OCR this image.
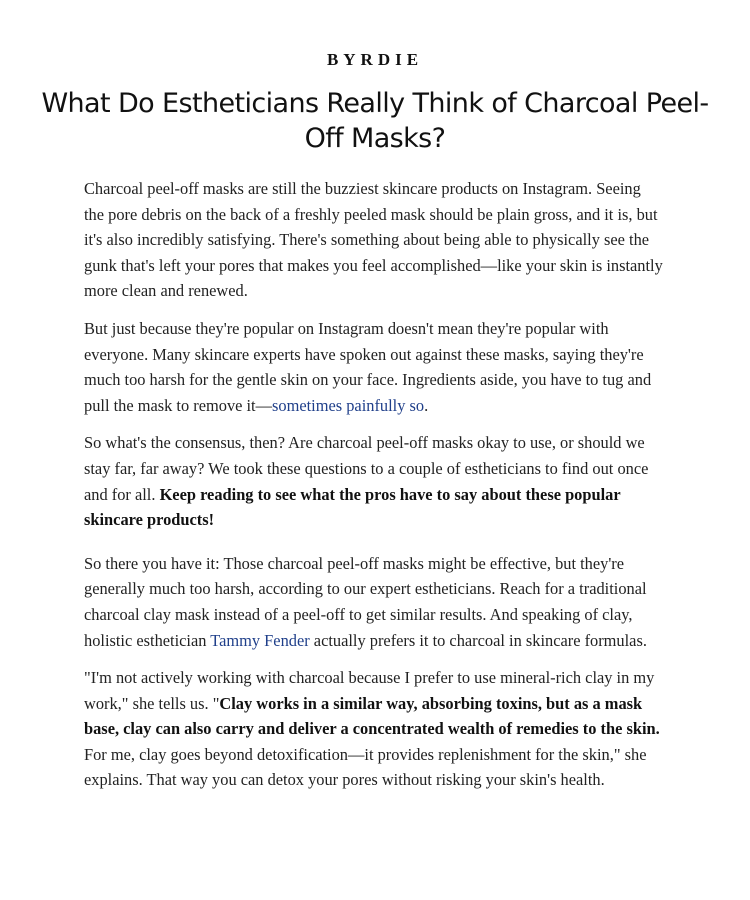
BYRDIE
What Do Estheticians Really Think of Charcoal Peel-Off Masks?

Charcoal peel-off masks are still the buzziest skincare products on Instagram. Seeing the pore debris on the back of a freshly peeled mask should be plain gross, and it is, but it's also incredibly satisfying. There's something about being able to physically see the gunk that's left your pores that makes you feel accomplished—like your skin is instantly more clean and renewed.

But just because they're popular on Instagram doesn't mean they're popular with everyone. Many skincare experts have spoken out against these masks, saying they're much too harsh for the gentle skin on your face. Ingredients aside, you have to tug and pull the mask to remove it—sometimes painfully so.

So what's the consensus, then? Are charcoal peel-off masks okay to use, or should we stay far, far away? We took these questions to a couple of estheticians to find out once and for all. Keep reading to see what the pros have to say about these popular skincare products!

So there you have it: Those charcoal peel-off masks might be effective, but they're generally much too harsh, according to our expert estheticians. Reach for a traditional charcoal clay mask instead of a peel-off to get similar results. And speaking of clay, holistic esthetician Tammy Fender actually prefers it to charcoal in skincare formulas.

"I'm not actively working with charcoal because I prefer to use mineral-rich clay in my work," she tells us. "Clay works in a similar way, absorbing toxins, but as a mask base, clay can also carry and deliver a concentrated wealth of remedies to the skin. For me, clay goes beyond detoxification—it provides replenishment for the skin," she explains. That way you can detox your pores without risking your skin's health.
